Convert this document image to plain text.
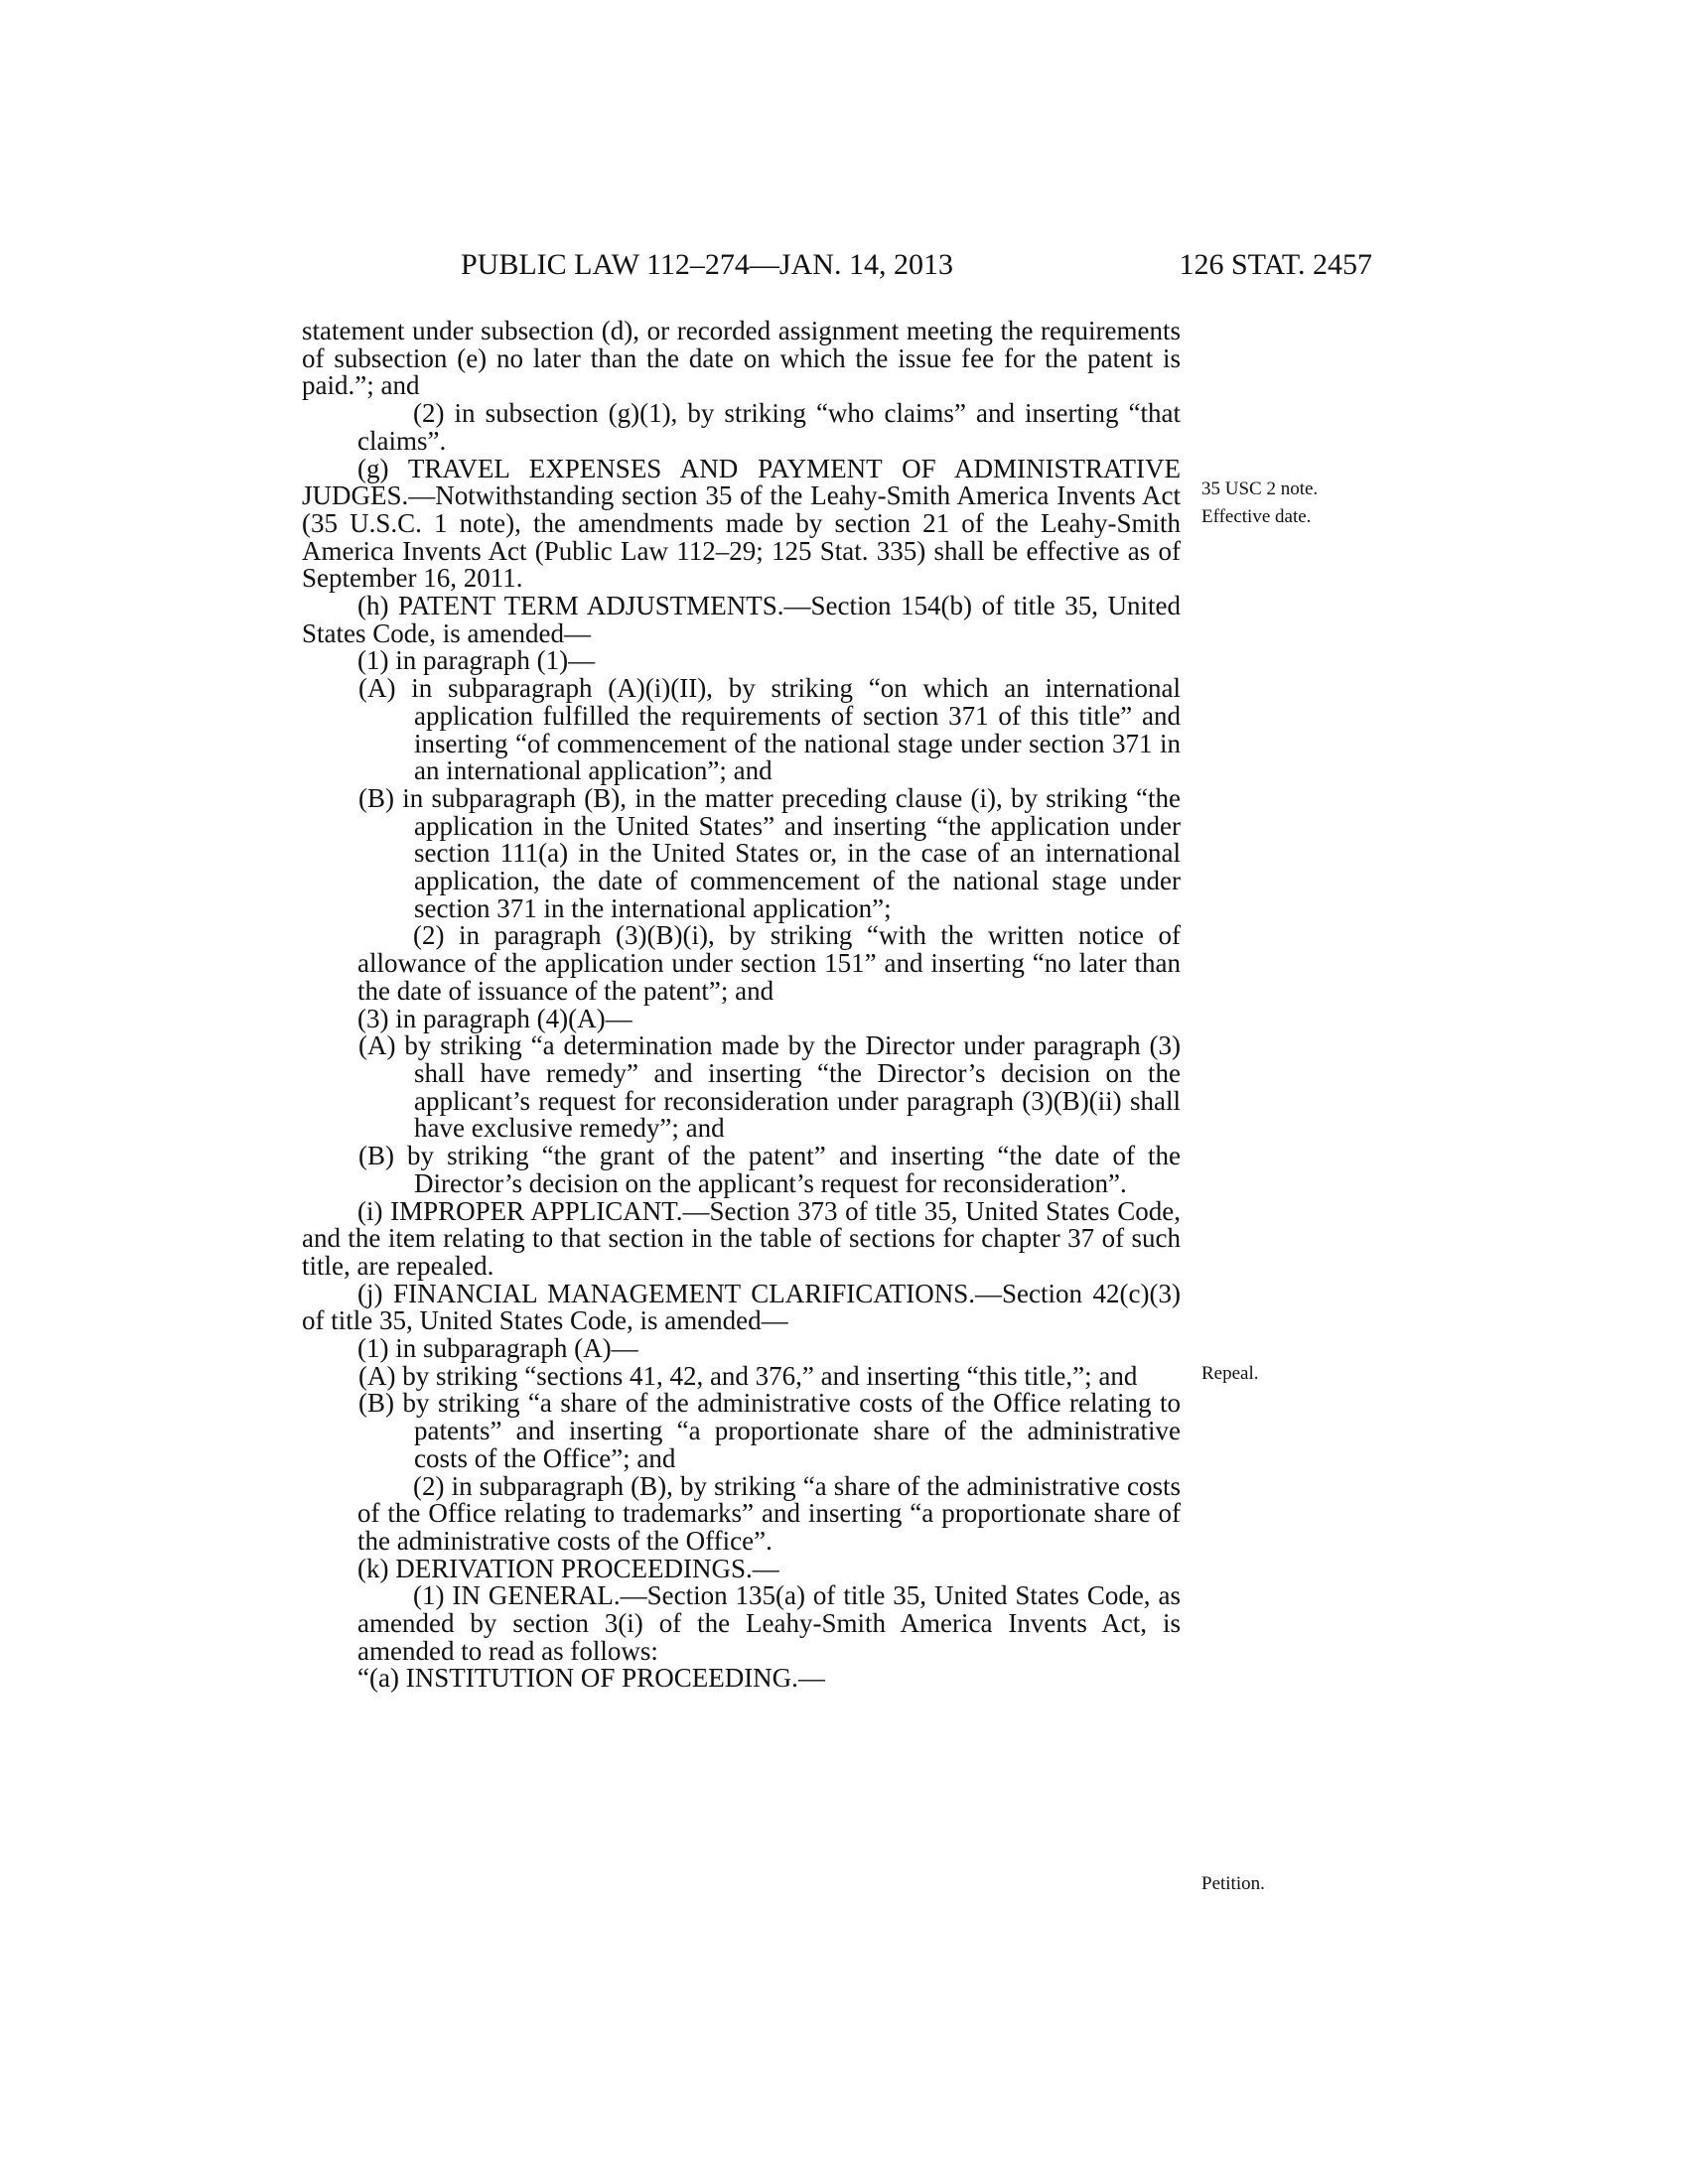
PUBLIC LAW 112–274—JAN. 14, 2013	126 STAT. 2457

statement under subsection (d), or recorded assignment meeting the requirements of subsection (e) no later than the date on which the issue fee for the patent is paid.”; and

(2) in subsection (g)(1), by striking “who claims” and inserting “that claims”.

(g) TRAVEL EXPENSES AND PAYMENT OF ADMINISTRATIVE JUDGES.—Notwithstanding section 35 of the Leahy-Smith America Invents Act (35 U.S.C. 1 note), the amendments made by section 21 of the Leahy-Smith America Invents Act (Public Law 112–29; 125 Stat. 335) shall be effective as of September 16, 2011.

(h) PATENT TERM ADJUSTMENTS.—Section 154(b) of title 35, United States Code, is amended—

(1) in paragraph (1)—

(A) in subparagraph (A)(i)(II), by striking “on which an international application fulfilled the requirements of section 371 of this title” and inserting “of commencement of the national stage under section 371 in an international application”; and

(B) in subparagraph (B), in the matter preceding clause (i), by striking “the application in the United States” and inserting “the application under section 111(a) in the United States or, in the case of an international application, the date of commencement of the national stage under section 371 in the international application”;

(2) in paragraph (3)(B)(i), by striking “with the written notice of allowance of the application under section 151” and inserting “no later than the date of issuance of the patent”; and

(3) in paragraph (4)(A)—

(A) by striking “a determination made by the Director under paragraph (3) shall have remedy” and inserting “the Director’s decision on the applicant’s request for reconsideration under paragraph (3)(B)(ii) shall have exclusive remedy”; and

(B) by striking “the grant of the patent” and inserting “the date of the Director’s decision on the applicant’s request for reconsideration”.

(i) IMPROPER APPLICANT.—Section 373 of title 35, United States Code, and the item relating to that section in the table of sections for chapter 37 of such title, are repealed.

(j) FINANCIAL MANAGEMENT CLARIFICATIONS.—Section 42(c)(3) of title 35, United States Code, is amended—

(1) in subparagraph (A)—

(A) by striking “sections 41, 42, and 376,” and inserting “this title,”; and

(B) by striking “a share of the administrative costs of the Office relating to patents” and inserting “a proportionate share of the administrative costs of the Office”; and

(2) in subparagraph (B), by striking “a share of the administrative costs of the Office relating to trademarks” and inserting “a proportionate share of the administrative costs of the Office”.

(k) DERIVATION PROCEEDINGS.—

(1) IN GENERAL.—Section 135(a) of title 35, United States Code, as amended by section 3(i) of the Leahy-Smith America Invents Act, is amended to read as follows:

“(a) INSTITUTION OF PROCEEDING.—

35 USC 2 note.
Effective date.
Repeal.
Petition.
